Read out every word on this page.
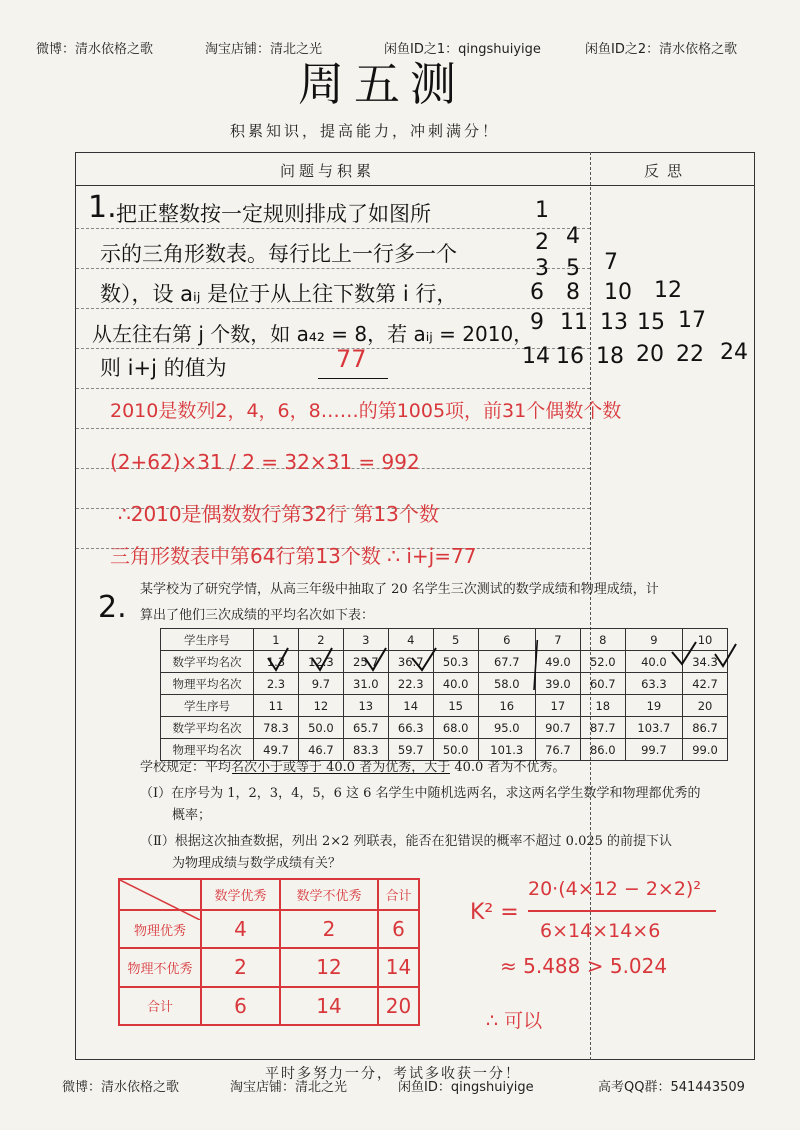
微博：清水依格之歌	淘宝店铺：清北之光	闲鱼ID之1：qingshuiyige	闲鱼ID之2：清水依格之歌
周五测
积累知识，提高能力，冲刺满分！
问题与积累	反思
1. 把正整数按一定规则排成了如图所
示的三角形数表。每行比上一行多一个
数），设 aᵢⱼ 是位于从上往下数第 i 行，
从左往右第 j 个数，如 a₄₂ = 8，若 aᵢⱼ = 2010，
则 i+j 的值为	77
1
2 4
3 5 7
6 8 10 12
9 11 13 15 17
14 16 18 20 22 24
2010是数列2，4，6，8……的第1005项，前31个偶数个数
(2+62)×31 / 2 = 32×31 = 992
∴2010是偶数数行第32行 第13个数
三角形数表中第64行第13个数 ∴ i+j=77
2.
某学校为了研究学情，从高三年级中抽取了 20 名学生三次测试的数学成绩和物理成绩，计
算出了他们三次成绩的平均名次如下表：
学生序号	1	2	3	4	5	6	7	8	9	10
数学平均名次	1.3	12.3	25.7	36.7	50.3	67.7	49.0	52.0	40.0	34.3
物理平均名次	2.3	9.7	31.0	22.3	40.0	58.0	39.0	60.7	63.3	42.7
学生序号	11	12	13	14	15	16	17	18	19	20
数学平均名次	78.3	50.0	65.7	66.3	68.0	95.0	90.7	87.7	103.7	86.7
物理平均名次	49.7	46.7	83.3	59.7	50.0	101.3	76.7	86.0	99.7	99.0
学校规定：平均名次小于或等于 40.0 者为优秀，大于 40.0 者为不优秀。
（Ⅰ）在序号为 1，2，3，4，5，6 这 6 名学生中随机选两名，求这两名学生数学和物理都优秀的
概率；
（Ⅱ）根据这次抽查数据，列出 2×2 列联表，能否在犯错误的概率不超过 0.025 的前提下认
为物理成绩与数学成绩有关？
	数学优秀	数学不优秀	合计
物理优秀	4	2	6
物理不优秀	2	12	14
合计	6	14	20
K² =
20·(4×12 − 2×2)²
6×14×14×6
≈ 5.488 > 5.024
∴ 可以
平时多努力一分，考试多收获一分！
微博：清水依格之歌	淘宝店铺：清北之光	闲鱼ID：qingshuiyige	高考QQ群：541443509
